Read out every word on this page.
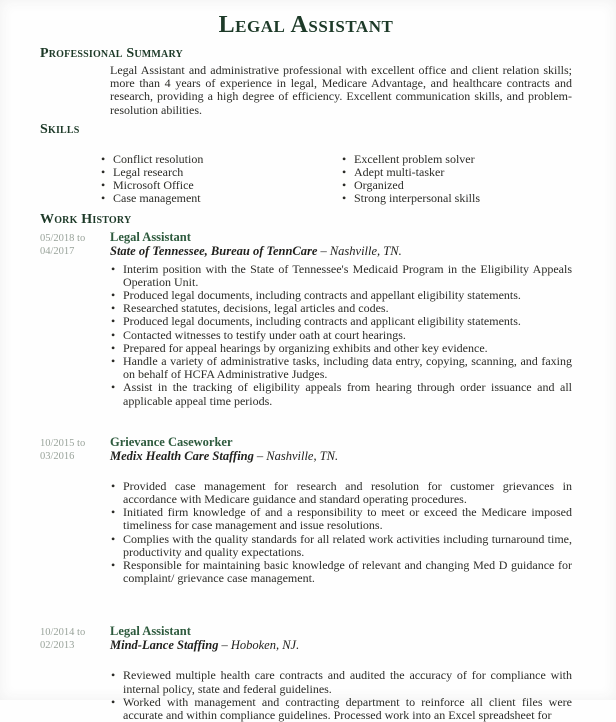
Legal Assistant
Professional Summary

Legal Assistant and administrative professional with excellent office and client relation skills; more than 4 years of experience in legal, Medicare Advantage, and healthcare contracts and research, providing a high degree of efficiency. Excellent communication skills, and problem-resolution abilities.

Skills
• Conflict resolution
• Legal research
• Microsoft Office
• Case management
• Excellent problem solver
• Adept multi-tasker
• Organized
• Strong interpersonal skills
Work History
05/2018 to
04/2017
Legal Assistant
State of Tennessee, Bureau of TennCare – Nashville, TN.
• Interim position with the State of Tennessee's Medicaid Program in the Eligibility Appeals Operation Unit.
• Produced legal documents, including contracts and appellant eligibility statements.
• Researched statutes, decisions, legal articles and codes.
• Produced legal documents, including contracts and applicant eligibility statements.
• Contacted witnesses to testify under oath at court hearings.
• Prepared for appeal hearings by organizing exhibits and other key evidence.
• Handle a variety of administrative tasks, including data entry, copying, scanning, and faxing on behalf of HCFA Administrative Judges.
• Assist in the tracking of eligibility appeals from hearing through order issuance and all applicable appeal time periods.
10/2015 to
03/2016
Grievance Caseworker
Medix Health Care Staffing – Nashville, TN.
• Provided case management for research and resolution for customer grievances in accordance with Medicare guidance and standard operating procedures.
• Initiated firm knowledge of and a responsibility to meet or exceed the Medicare imposed timeliness for case management and issue resolutions.
• Complies with the quality standards for all related work activities including turnaround time, productivity and quality expectations.
• Responsible for maintaining basic knowledge of relevant and changing Med D guidance for complaint/ grievance case management.
10/2014 to
02/2013
Legal Assistant
Mind-Lance Staffing – Hoboken, NJ.
• Reviewed multiple health care contracts and audited the accuracy of for compliance with internal policy, state and federal guidelines.
• Worked with management and contracting department to reinforce all client files were accurate and within compliance guidelines. Processed work into an Excel spreadsheet for
